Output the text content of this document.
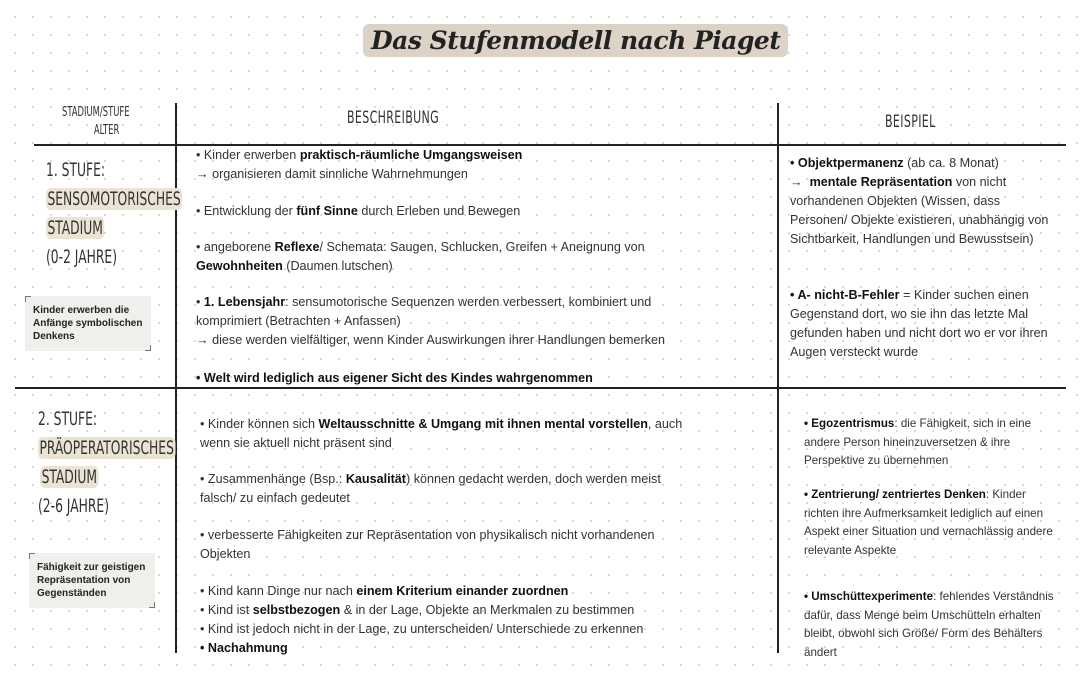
Das Stufenmodell nach Piaget
STADIUM/STUFE
ALTER
BESCHREIBUNG	BEISPIEL
1. STUFE:
SENSOMOTORISCHES
STADIUM
(0-2 JAHRE)
Kinder erwerben die Anfänge symbolischen Denkens
• Kinder erwerben praktisch-räumliche Umgangsweisen
→ organisieren damit sinnliche Wahrnehmungen
• Entwicklung der fünf Sinne durch Erleben und Bewegen
• angeborene Reflexe/ Schemata: Saugen, Schlucken, Greifen + Aneignung von
Gewohnheiten (Daumen lutschen)
• 1. Lebensjahr: sensumotorische Sequenzen werden verbessert, kombiniert und
komprimiert (Betrachten + Anfassen)
→ diese werden vielfältiger, wenn Kinder Auswirkungen ihrer Handlungen bemerken
• Welt wird lediglich aus eigener Sicht des Kindes wahrgenommen
• Objektpermanenz (ab ca. 8 Monat)
→  mentale Repräsentation von nicht vorhandenen Objekten (Wissen, dass Personen/ Objekte existieren, unabhängig von Sichtbarkeit, Handlungen und Bewusstsein)
• A- nicht-B-Fehler = Kinder suchen einen Gegenstand dort, wo sie ihn das letzte Mal gefunden haben und nicht dort wo er vor ihren Augen versteckt wurde
2. STUFE:
PRÄOPERATORISCHES
STADIUM
(2-6 JAHRE)
Fähigkeit zur geistigen Repräsentation von Gegenständen
• Kinder können sich Weltausschnitte & Umgang mit ihnen mental vorstellen, auch
wenn sie aktuell nicht präsent sind
• Zusammenhänge (Bsp.: Kausalität) können gedacht werden, doch werden meist
falsch/ zu einfach gedeutet
• verbesserte Fähigkeiten zur Repräsentation von physikalisch nicht vorhandenen
Objekten
• Kind kann Dinge nur nach einem Kriterium einander zuordnen
• Kind ist selbstbezogen & in der Lage, Objekte an Merkmalen zu bestimmen
• Kind ist jedoch nicht in der Lage, zu unterscheiden/ Unterschiede zu erkennen
• Nachahmung
• Egozentrismus: die Fähigkeit, sich in eine andere Person hineinzuversetzen & ihre Perspektive zu übernehmen
• Zentrierung/ zentriertes Denken: Kinder richten ihre Aufmerksamkeit lediglich auf einen Aspekt einer Situation und vernachlässig andere relevante Aspekte
• Umschüttexperimente: fehlendes Verständnis dafür, dass Menge beim Umschütteln erhalten bleibt, obwohl sich Größe/ Form des Behälters ändert
